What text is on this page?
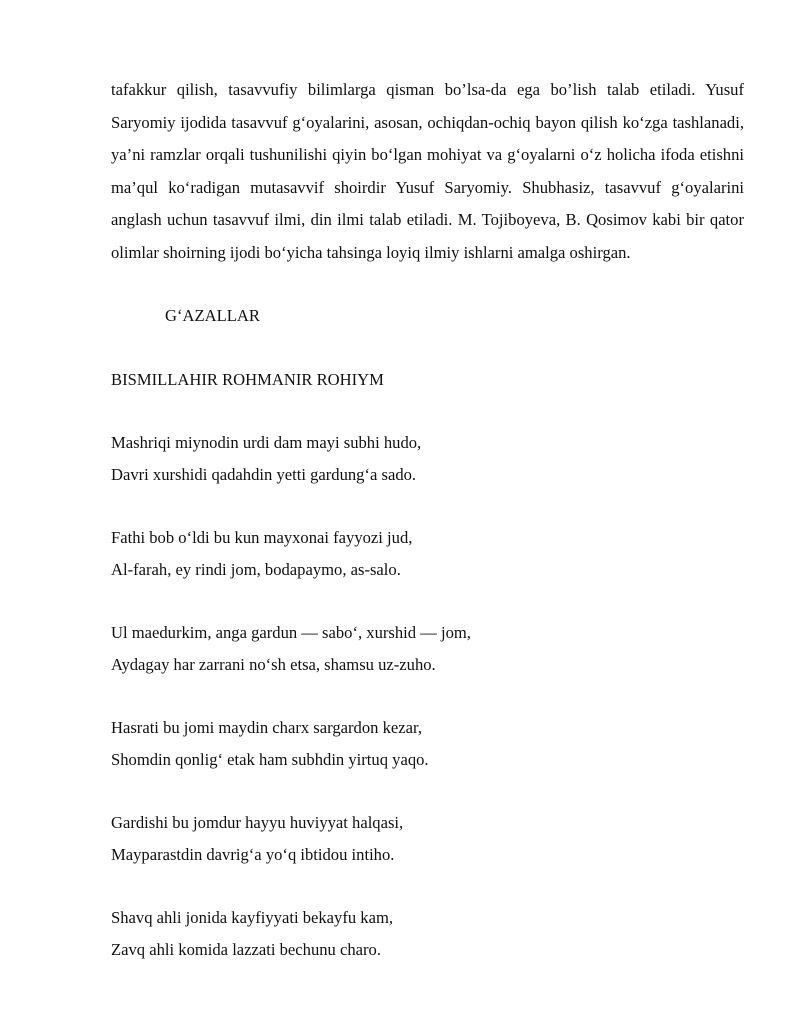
tafakkur qilish, tasavvufiy bilimlarga qisman bo’lsa-da ega bo’lish talab etiladi. Yusuf Saryomiy ijodida tasavvuf g‘oyalarini, asosan, ochiqdan-ochiq bayon qilish ko‘zga tashlanadi, ya’ni ramzlar orqali tushunilishi qiyin bo‘lgan mohiyat va g‘oyalarni o‘z holicha ifoda etishni ma’qul ko‘radigan mutasavvif shoirdir Yusuf Saryomiy. Shubhasiz, tasavvuf g‘oyalarini anglash uchun tasavvuf ilmi, din ilmi talab etiladi. M. Tojiboyeva, B. Qosimov kabi bir qator olimlar shoirning ijodi bo‘yicha tahsinga loyiq ilmiy ishlarni amalga oshirgan.

G‘AZALLAR
BISMILLAHIR ROHMANIR ROHIYM
Mashriqi miynodin urdi dam mayi subhi hudo,
Davri xurshidi qadahdin yetti gardung‘a sado.
Fathi bob o‘ldi bu kun mayxonai fayyozi jud,
Al-farah, ey rindi jom, bodapaymo, as-salo.
Ul maedurkim, anga gardun — sabo‘, xurshid — jom,
Aydagay har zarrani no‘sh etsa, shamsu uz-zuho.
Hasrati bu jomi maydin charx sargardon kezar,
Shomdin qonlig‘ etak ham subhdin yirtuq yaqo.
Gardishi bu jomdur hayyu huviyyat halqasi,
Mayparastdin davrig‘a yo‘q ibtidou intiho.
Shavq ahli jonida kayfiyyati bekayfu kam,
Zavq ahli komida lazzati bechunu charo.
